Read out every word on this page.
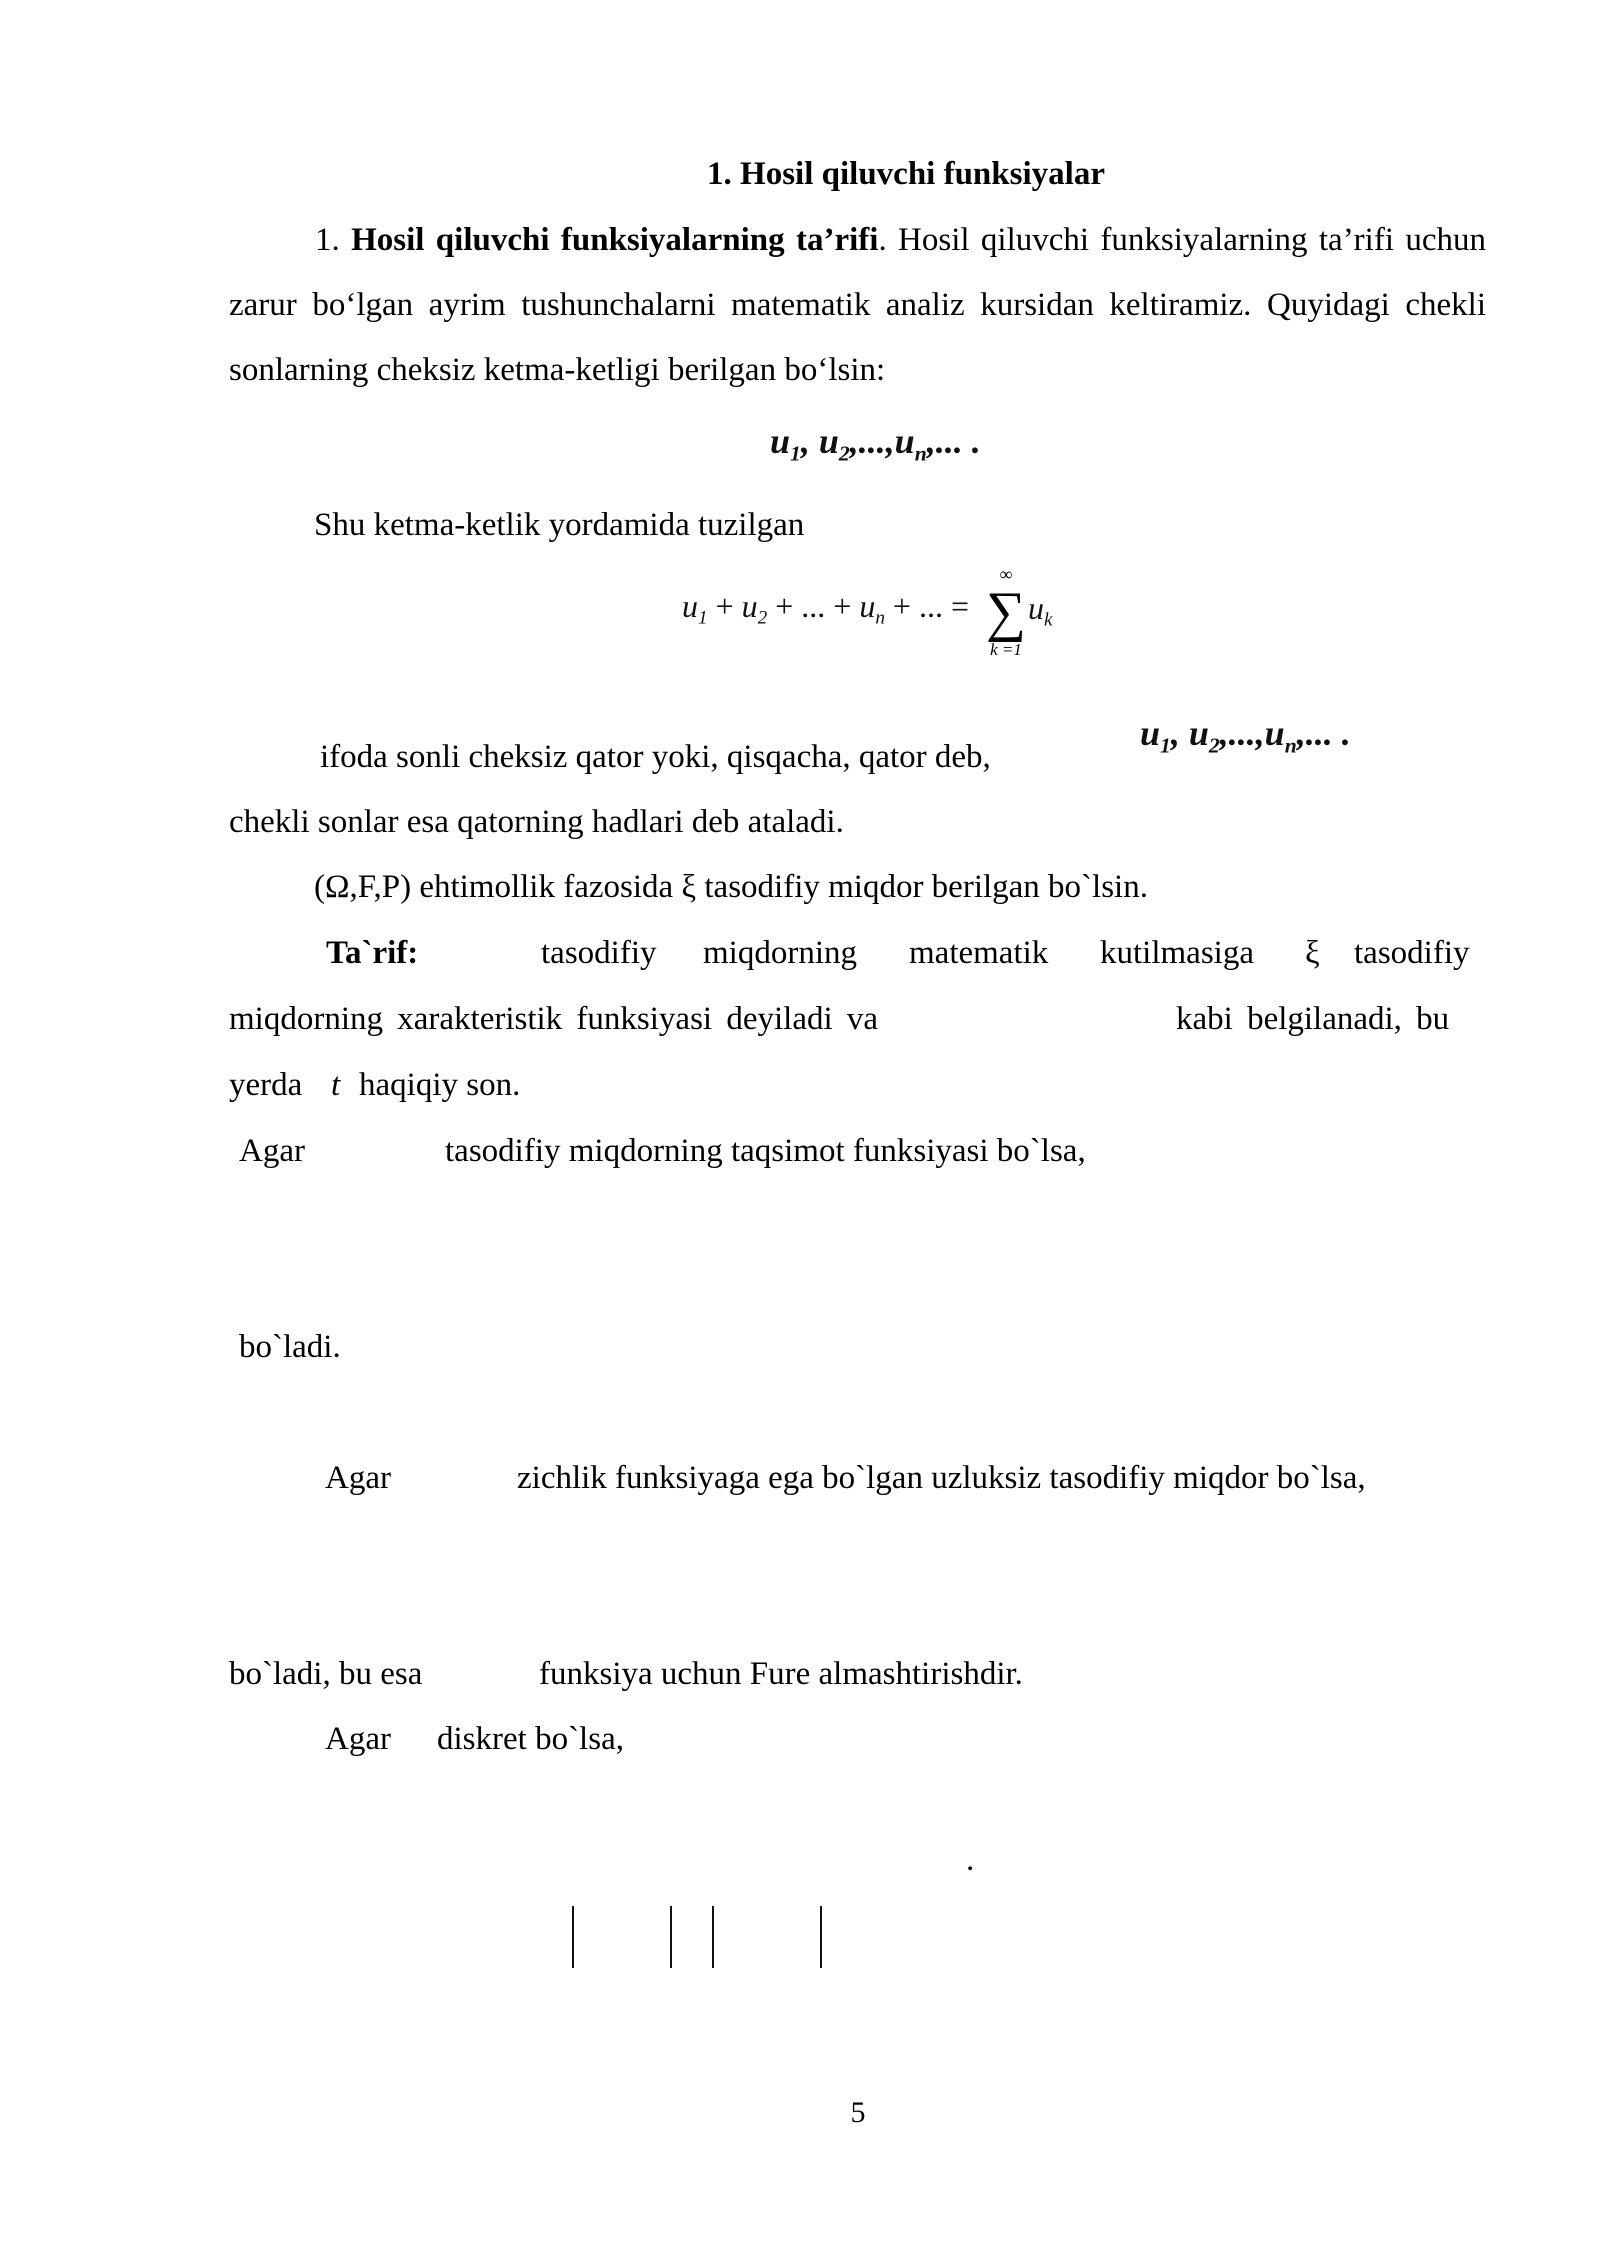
1. Hosil qiluvchi funksiyalar
1. Hosil qiluvchi funksiyalarning ta’rifi. Hosil qiluvchi funksiyalarning ta’rifi uchun zarur bo‘lgan ayrim tushunchalarni matematik analiz kursidan keltiramiz. Quyidagi chekli sonlarning cheksiz ketma-ketligi berilgan bo‘lsin:
$u_1$, $u_2,...,u_n$,... .
Shu ketma-ketlik yordamida tuzilgan
$u_1 + u_2$ + ... + $u_n$ + ... =
∞
∑
k =1
$u_k$
ifoda sonli cheksiz qator yoki, qisqacha, qator deb,
$u_1$, $u_2,...,u_n$,... .
chekli sonlar esa qatorning hadlari deb ataladi.
(Ω,F,P) ehtimollik fazosida ξ tasodifiy miqdor berilgan bo`lsin.
Ta`rif:	tasodifiy miqdorning matematik kutilmasiga ξ tasodifiy
miqdorning xarakteristik funksiyasi deyiladi va	kabi belgilanadi, bu
yerda t haqiqiy son.
Agar	tasodifiy miqdorning taqsimot funksiyasi bo`lsa,
bo`ladi.
Agar	zichlik funksiyaga ega bo`lgan uzluksiz tasodifiy miqdor bo`lsa,
bo`ladi, bu esa	funksiya uchun Fure almashtirishdir.
Agar diskret bo`lsa,
.
5
